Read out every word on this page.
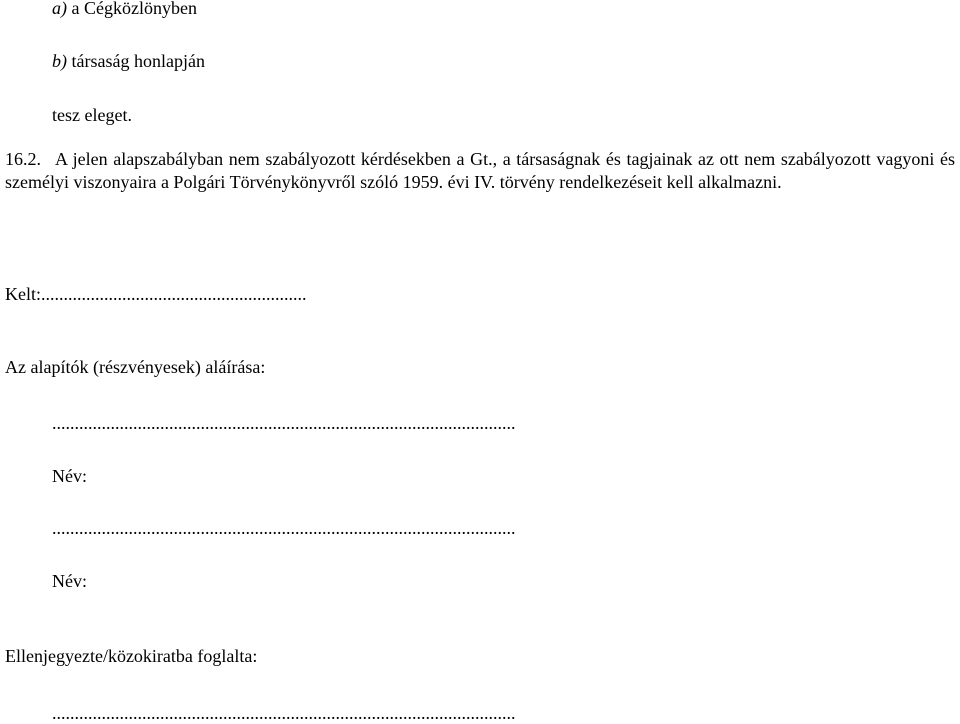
a) a Cégközlönyben
b) társaság honlapján
tesz eleget.
16.2. A jelen alapszabályban nem szabályozott kérdésekben a Gt., a társaságnak és tagjainak az ott nem szabályozott vagyoni és személyi viszonyaira a Polgári Törvénykönyvről szóló 1959. évi IV. törvény rendelkezéseit kell alkalmazni.
Kelt:...........................................................
Az alapítók (részvényesek) aláírása:
.......................................................................................................
Név:
.......................................................................................................
Név:
Ellenjegyezte/közokiratba foglalta:
.......................................................................................................
